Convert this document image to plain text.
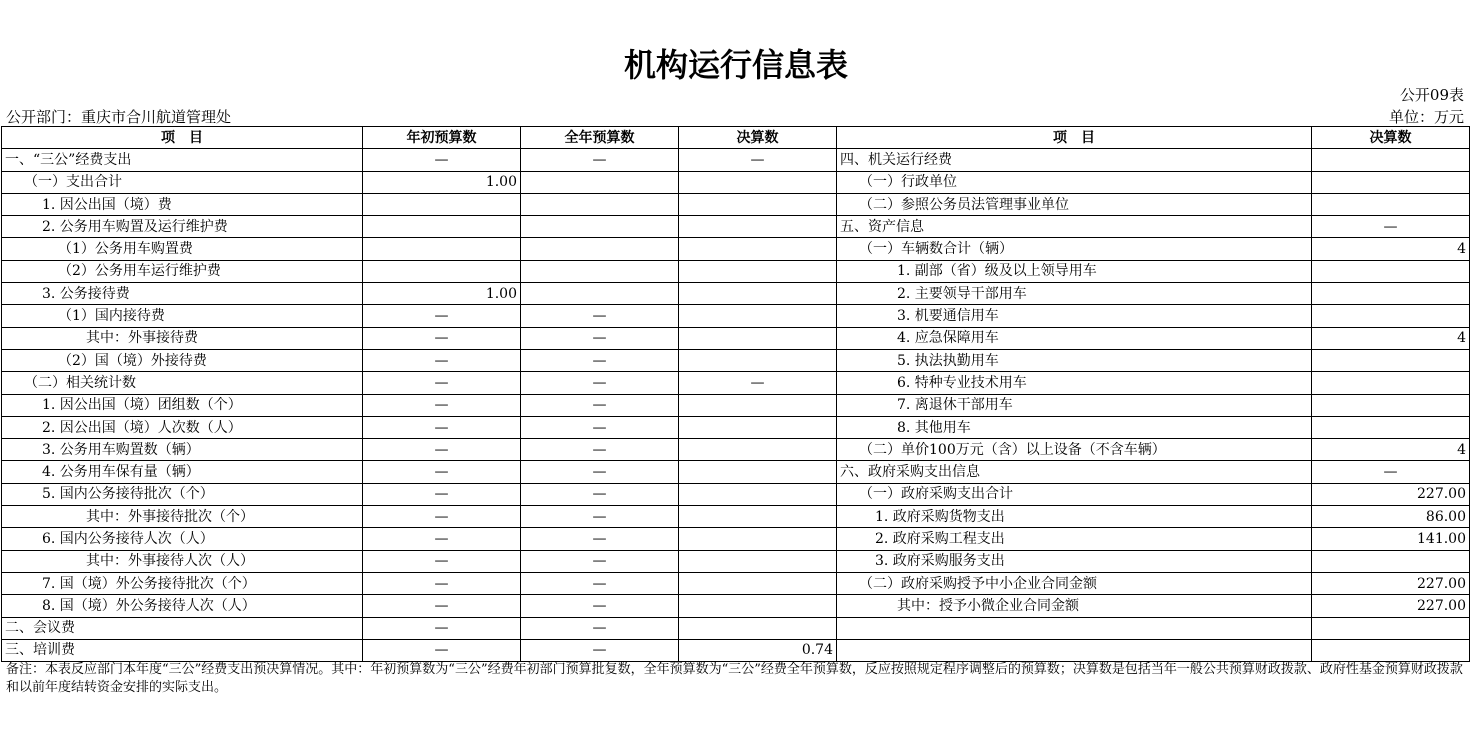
机构运行信息表
公开09表
公开部门：重庆市合川航道管理处	单位：万元
项　目	年初预算数	全年预算数	决算数	项　目	决算数
一、“三公”经费支出	—	—	—	四、机关运行经费	
（一）支出合计	1.00			（一）行政单位	
1. 因公出国（境）费				（二）参照公务员法管理事业单位	
2. 公务用车购置及运行维护费				五、资产信息	—
（1）公务用车购置费				（一）车辆数合计（辆）	4
（2）公务用车运行维护费				1. 副部（省）级及以上领导用车	
3. 公务接待费	1.00			2. 主要领导干部用车	
（1）国内接待费	—	—		3. 机要通信用车	
其中：外事接待费	—	—		4. 应急保障用车	4
（2）国（境）外接待费	—	—		5. 执法执勤用车	
（二）相关统计数	—	—	—	6. 特种专业技术用车	
1. 因公出国（境）团组数（个）	—	—		7. 离退休干部用车	
2. 因公出国（境）人次数（人）	—	—		8. 其他用车	
3. 公务用车购置数（辆）	—	—		（二）单价100万元（含）以上设备（不含车辆）	4
4. 公务用车保有量（辆）	—	—		六、政府采购支出信息	—
5. 国内公务接待批次（个）	—	—		（一）政府采购支出合计	227.00
其中：外事接待批次（个）	—	—		1. 政府采购货物支出	86.00
6. 国内公务接待人次（人）	—	—		2. 政府采购工程支出	141.00
其中：外事接待人次（人）	—	—		3. 政府采购服务支出	
7. 国（境）外公务接待批次（个）	—	—		（二）政府采购授予中小企业合同金额	227.00
8. 国（境）外公务接待人次（人）	—	—		其中：授予小微企业合同金额	227.00
二、会议费	—	—			
三、培训费	—	—	0.74		
备注：本表反应部门本年度“三公”经费支出预决算情况。其中：年初预算数为“三公”经费年初部门预算批复数，全年预算数为“三公”经费全年预算数，反应按照规定程序调整后的预算数；决算数是包括当年一般公共预算财政拨款、政府性基金预算财政拨款和以前年度结转资金安排的实际支出。
